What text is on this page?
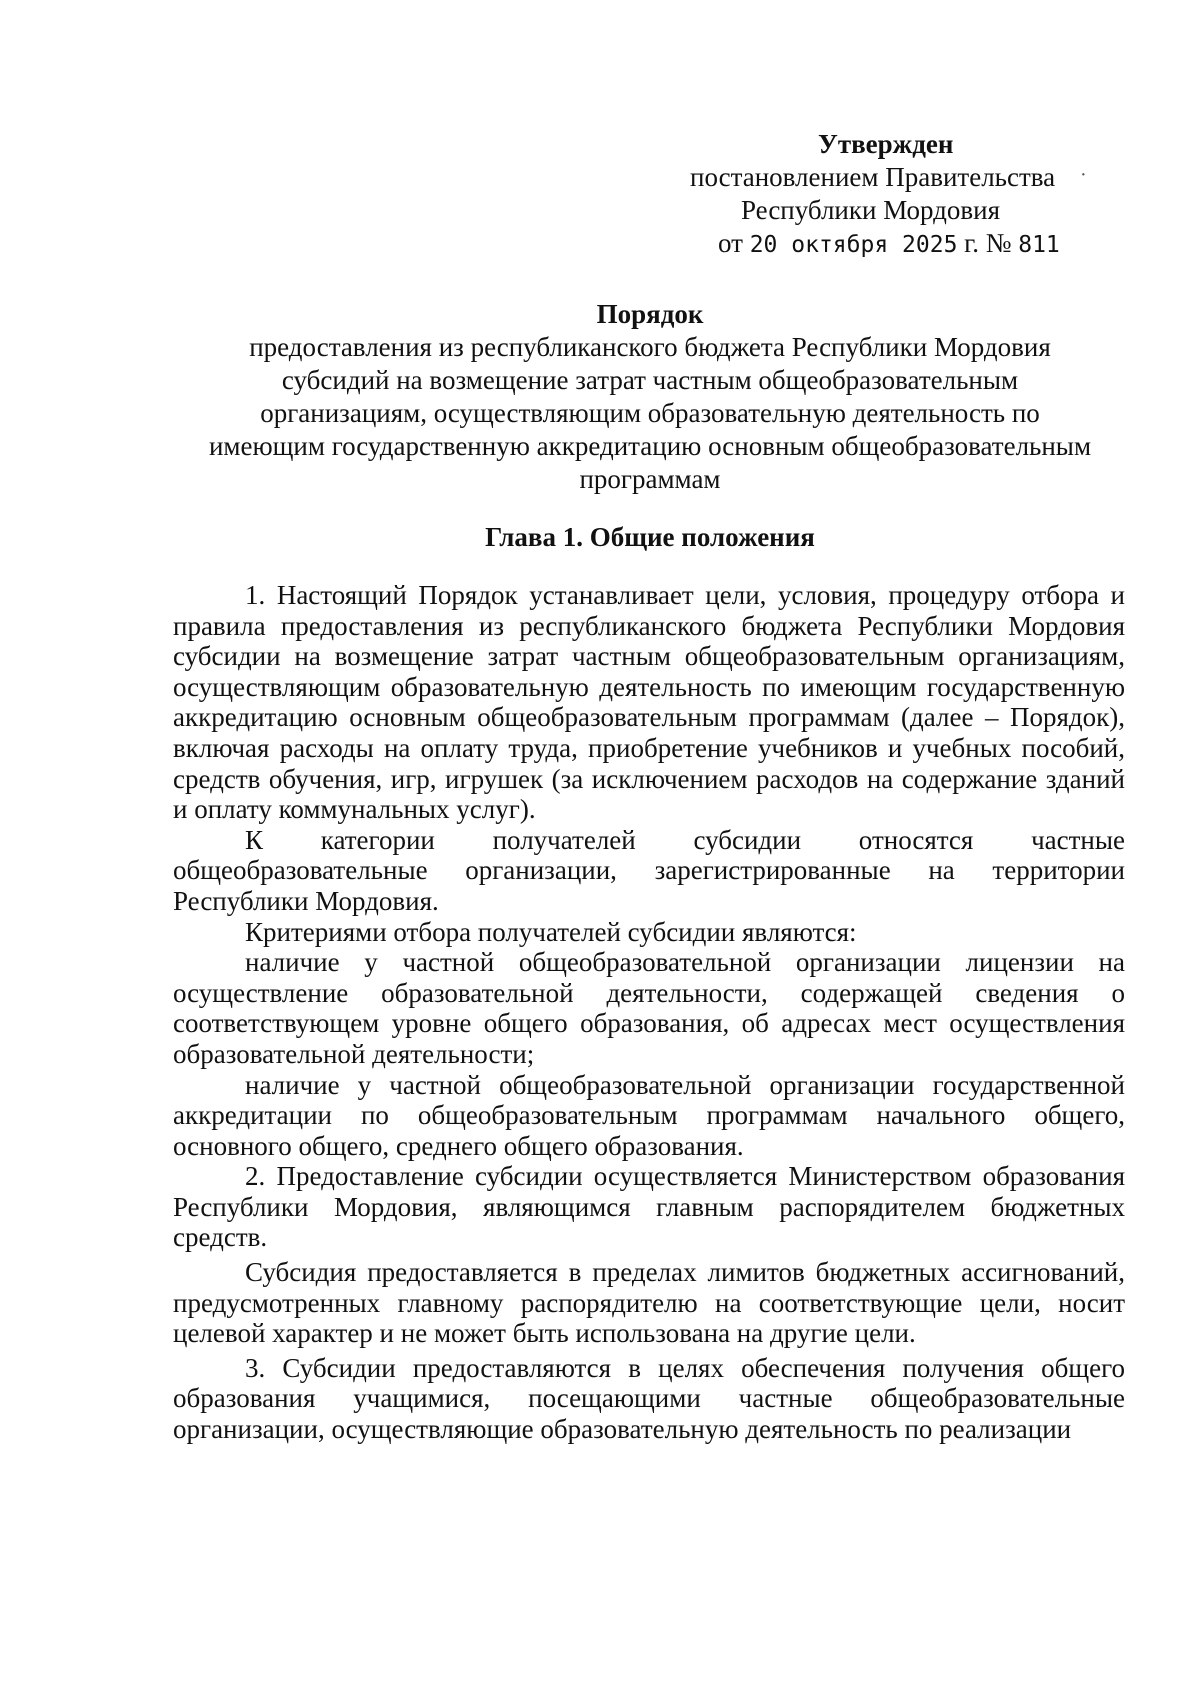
Утвержден
постановлением Правительства
Республики Мордовия
от 20 октября 2025 г. № 811
·
Порядок
предоставления из республиканского бюджета Республики Мордовия
субсидий на возмещение затрат частным общеобразовательным
организациям, осуществляющим образовательную деятельность по
имеющим государственную аккредитацию основным общеобразовательным
программам
Глава 1. Общие положения

1. Настоящий Порядок устанавливает цели, условия, процедуру отбора и правила предоставления из республиканского бюджета Республики Мордовия субсидии на возмещение затрат частным общеобразовательным организациям, осуществляющим образовательную деятельность по имеющим государственную аккредитацию основным общеобразовательным программам (далее – Порядок), включая расходы на оплату труда, приобретение учебников и учебных пособий, средств обучения, игр, игрушек (за исключением расходов на содержание зданий и оплату коммунальных услуг).

К категории получателей субсидии относятся частные общеобразовательные организации, зарегистрированные на территории Республики Мордовия.

Критериями отбора получателей субсидии являются:

наличие у частной общеобразовательной организации лицензии на осуществление образовательной деятельности, содержащей сведения о соответствующем уровне общего образования, об адресах мест осуществления образовательной деятельности;

наличие у частной общеобразовательной организации государственной аккредитации по общеобразовательным программам начального общего, основного общего, среднего общего образования.

2. Предоставление субсидии осуществляется Министерством образования Республики Мордовия, являющимся главным распорядителем бюджетных средств.

Субсидия предоставляется в пределах лимитов бюджетных ассигнований, предусмотренных главному распорядителю на соответствующие цели, носит целевой характер и не может быть использована на другие цели.

3. Субсидии предоставляются в целях обеспечения получения общего образования учащимися, посещающими частные общеобразовательные организации, осуществляющие образовательную деятельность по реализации
